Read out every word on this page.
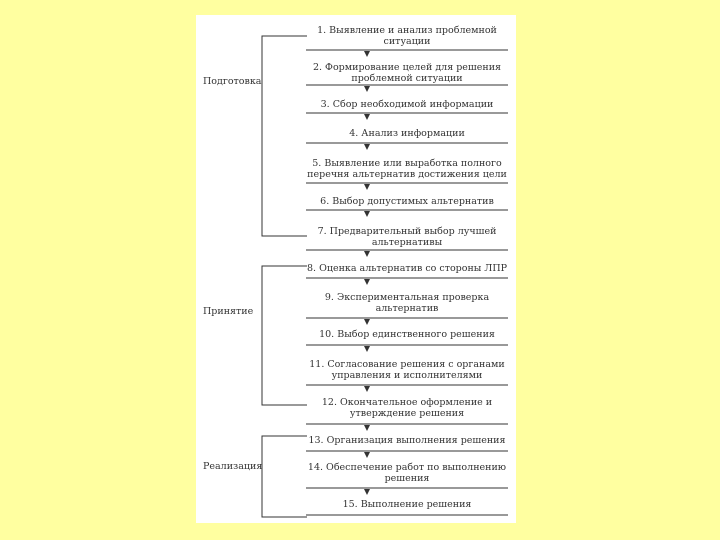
Подготовка
Принятие
Реализация
1. Выявление и анализ проблемной ситуации
2. Формирование целей для решения проблемной ситуации
3. Сбор необходимой информации
4. Анализ информации
5. Выявление или выработка полного перечня альтернатив достижения цели
6. Выбор допустимых альтернатив
7. Предварительный выбор лучшей альтернативы
8. Оценка альтернатив со стороны ЛПР
9. Экспериментальная проверка альтернатив
10. Выбор единственного решения
11. Согласование решения с органами управления и исполнителями
12. Окончательное оформление и утверждение решения
13. Организация выполнения решения
14. Обеспечение работ по выполнению решения
15. Выполнение решения
